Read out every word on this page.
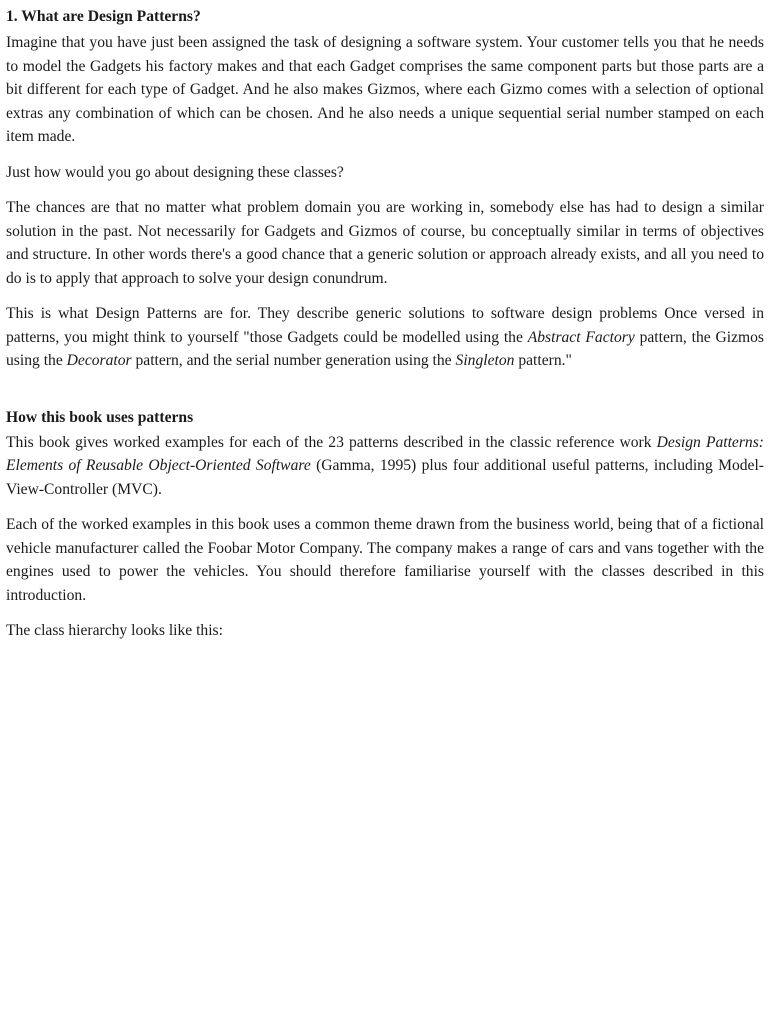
1. What are Design Patterns?

Imagine that you have just been assigned the task of designing a software system. Your customer tells you that he needs to model the Gadgets his factory makes and that each Gadget comprises the same component parts but those parts are a bit different for each type of Gadget. And he also makes Gizmos, where each Gizmo comes with a selection of optional extras any combination of which can be chosen. And he also needs a unique sequential serial number stamped on each item made.

Just how would you go about designing these classes?

The chances are that no matter what problem domain you are working in, somebody else has had to design a similar solution in the past. Not necessarily for Gadgets and Gizmos of course, bu conceptually similar in terms of objectives and structure. In other words there's a good chance that a generic solution or approach already exists, and all you need to do is to apply that approach to solve your design conundrum.

This is what Design Patterns are for. They describe generic solutions to software design problems Once versed in patterns, you might think to yourself "those Gadgets could be modelled using the Abstract Factory pattern, the Gizmos using the Decorator pattern, and the serial number generation using the Singleton pattern."

How this book uses patterns

This book gives worked examples for each of the 23 patterns described in the classic reference work Design Patterns: Elements of Reusable Object-Oriented Software (Gamma, 1995) plus four additional useful patterns, including Model-View-Controller (MVC).

Each of the worked examples in this book uses a common theme drawn from the business world, being that of a fictional vehicle manufacturer called the Foobar Motor Company. The company makes a range of cars and vans together with the engines used to power the vehicles. You should therefore familiarise yourself with the classes described in this introduction.

The class hierarchy looks like this:
